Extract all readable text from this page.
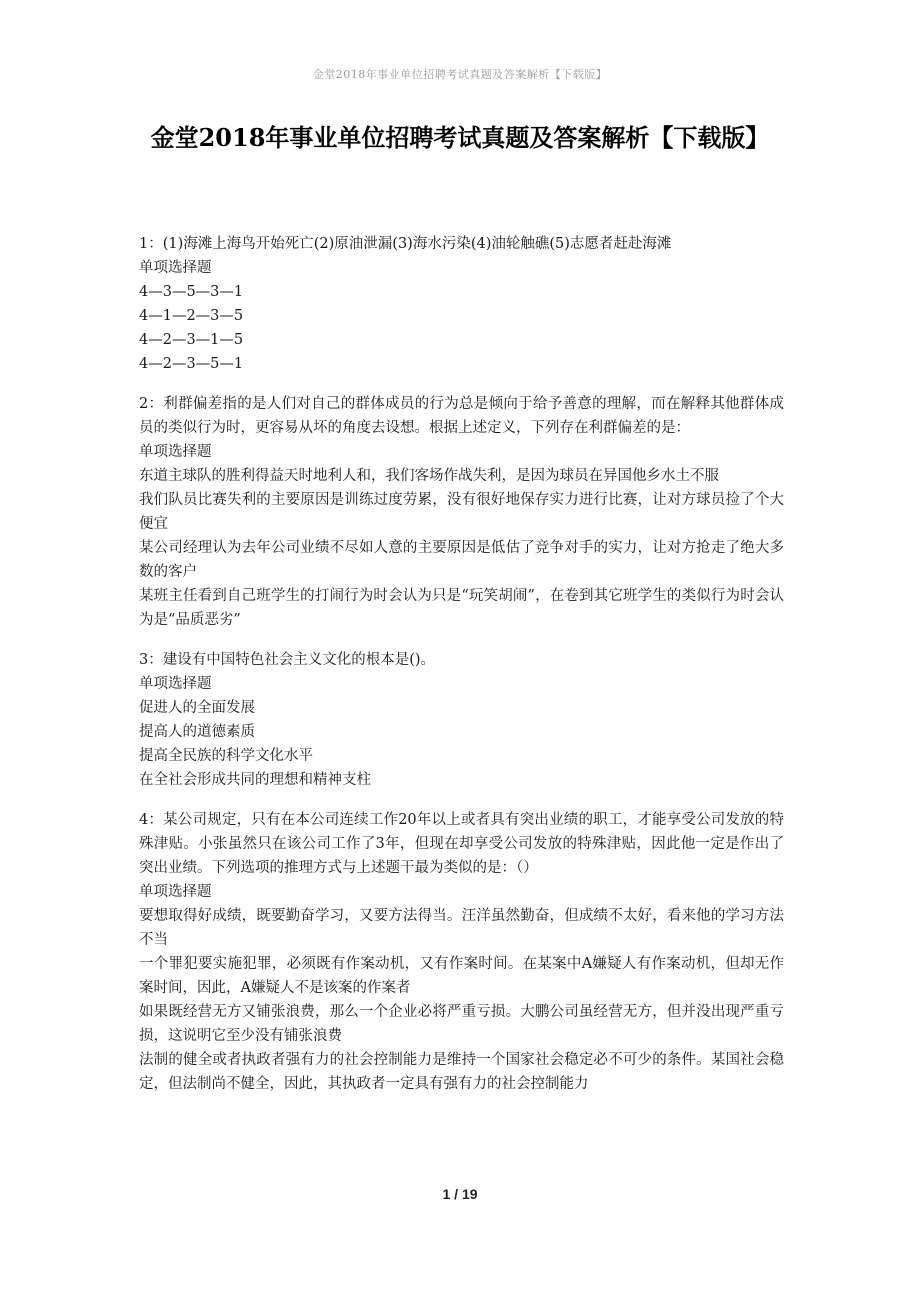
金堂2018年事业单位招聘考试真题及答案解析【下载版】
金堂2018年事业单位招聘考试真题及答案解析【下载版】

1：(1)海滩上海鸟开始死亡(2)原油泄漏(3)海水污染(4)油轮触礁(5)志愿者赶赴海滩

单项选择题

4—3—5—3—1

4—1—2—3—5

4—2—3—1—5

4—2—3—5—1

2：利群偏差指的是人们对自己的群体成员的行为总是倾向于给予善意的理解，而在解释其他群体成员的类似行为时，更容易从坏的角度去设想。根据上述定义，下列存在利群偏差的是：

单项选择题

东道主球队的胜利得益天时地利人和，我们客场作战失利，是因为球员在异国他乡水土不服

我们队员比赛失利的主要原因是训练过度劳累，没有很好地保存实力进行比赛，让对方球员捡了个大便宜

某公司经理认为去年公司业绩不尽如人意的主要原因是低估了竞争对手的实力，让对方抢走了绝大多数的客户

某班主任看到自己班学生的打闹行为时会认为只是“玩笑胡闹”，在卷到其它班学生的类似行为时会认为是“品质恶劣”

3：建设有中国特色社会主义文化的根本是()。

单项选择题

促进人的全面发展

提高人的道德素质

提高全民族的科学文化水平

在全社会形成共同的理想和精神支柱

4：某公司规定，只有在本公司连续工作20年以上或者具有突出业绩的职工，才能享受公司发放的特殊津贴。小张虽然只在该公司工作了3年，但现在却享受公司发放的特殊津贴，因此他一定是作出了突出业绩。下列选项的推理方式与上述题干最为类似的是：（）

单项选择题

要想取得好成绩，既要勤奋学习，又要方法得当。汪洋虽然勤奋，但成绩不太好，看来他的学习方法不当

一个罪犯要实施犯罪，必须既有作案动机，又有作案时间。在某案中A嫌疑人有作案动机，但却无作案时间，因此，A嫌疑人不是该案的作案者

如果既经营无方又铺张浪费，那么一个企业必将严重亏损。大鹏公司虽经营无方，但并没出现严重亏损，这说明它至少没有铺张浪费

法制的健全或者执政者强有力的社会控制能力是维持一个国家社会稳定必不可少的条件。某国社会稳定，但法制尚不健全，因此，其执政者一定具有强有力的社会控制能力

1 / 19
